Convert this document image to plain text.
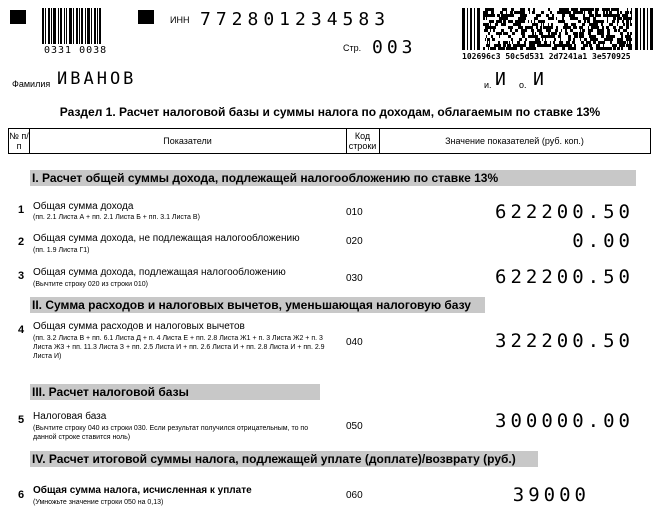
0331 0038
ИНН 772801234583
Стр. 003	102696c3 50c5d531 2d7241a1 3e570925
Фамилия ИВАНОВ	и. И о. И
Раздел 1. Расчет налоговой базы и суммы налога по доходам, облагаемым по ставке 13%
№ п/п	Показатели	Код строки	Значение показателей (руб. коп.)
I. Расчет общей суммы дохода, подлежащей налогообложению по ставке 13%
1 Общая сумма дохода
(пп. 2.1 Листа А + пп. 2.1 Листа Б + пп. 3.1 Листа В)	010	622200.50
2 Общая сумма дохода, не подлежащая налогообложению
(пп. 1.9 Листа Г1)
020	0.00
3 Общая сумма дохода, подлежащая налогообложению
(Вычтите строку 020 из строки 010)
030	622200.50
II. Сумма расходов и налоговых вычетов, уменьшающая налоговую базу
4 Общая сумма расходов и налоговых вычетов
(пп. 3.2 Листа В + пп. 6.1 Листа Д + п. 4 Листа Е + пп. 2.8 Листа Ж1 + п. 3 Листа Ж2 + п. 3 Листа Ж3 + пп. 11.3 Листа З + пп. 2.5 Листа И + пп. 2.6 Листа И + пп. 2.8 Листа И + пп. 2.9 Листа И)
040	322200.50
III. Расчет налоговой базы
5 Налоговая база
(Вычтите строку 040 из строки 030. Если результат получился отрицательным, то по данной строке ставится ноль)
050	300000.00
IV. Расчет итоговой суммы налога, подлежащей уплате (доплате)/возврату (руб.)
6 Общая сумма налога, исчисленная к уплате
(Умножьте значение строки 050 на 0,13)
060	39000
